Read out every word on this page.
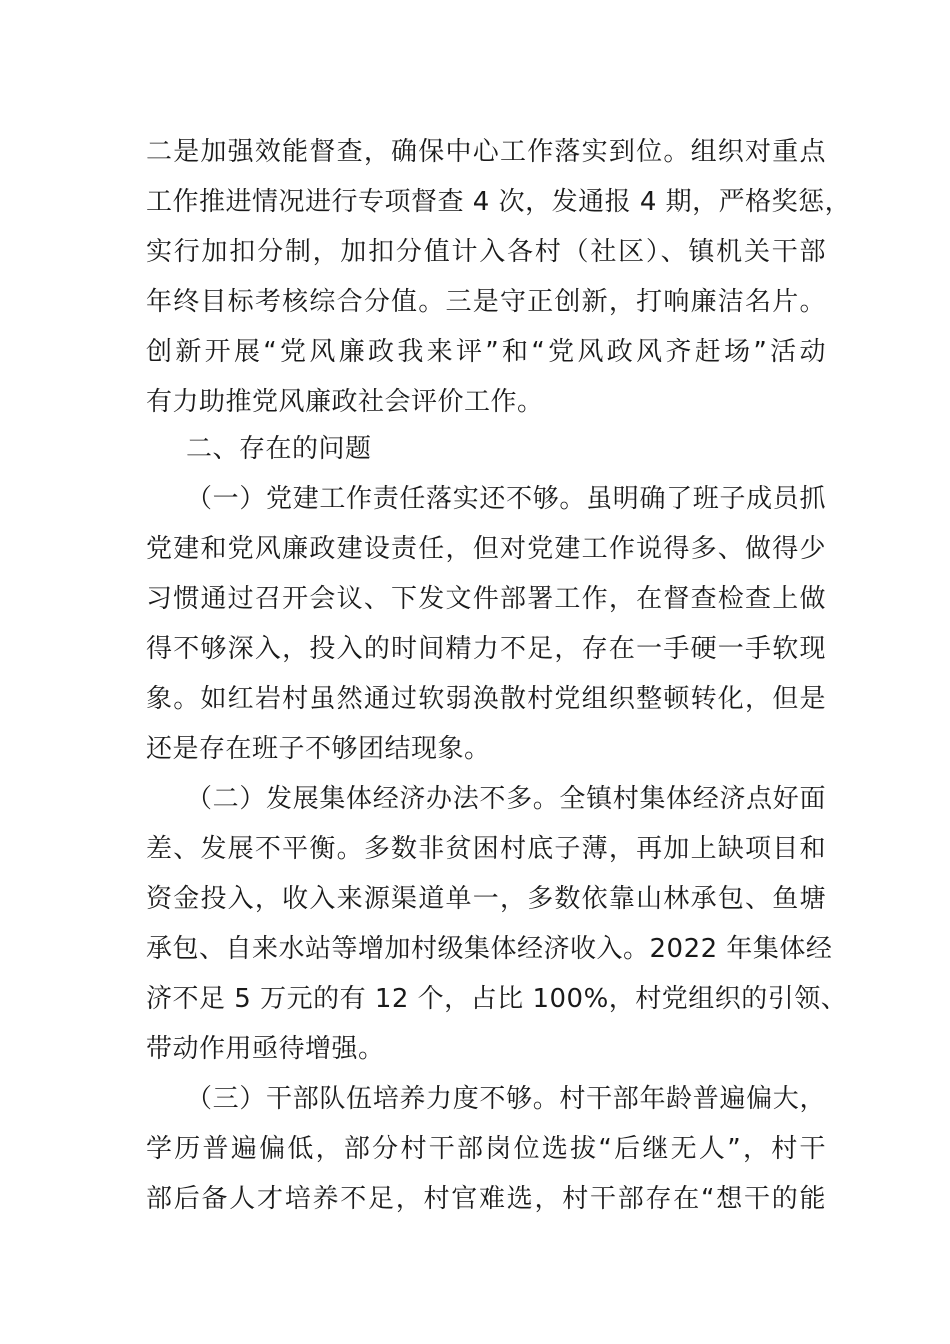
二是加强效能督查，确保中心工作落实到位。组织对重点
工作推进情况进行专项督查 4 次，发通报 4 期，严格奖惩，
实行加扣分制，加扣分值计入各村（社区）、镇机关干部
年终目标考核综合分值。三是守正创新，打响廉洁名片。
创新开展“党风廉政我来评”和“党风政风齐赶场”活动
有力助推党风廉政社会评价工作。
二、存在的问题
（一）党建工作责任落实还不够。虽明确了班子成员抓
党建和党风廉政建设责任，但对党建工作说得多、做得少
习惯通过召开会议、下发文件部署工作，在督查检查上做
得不够深入，投入的时间精力不足，存在一手硬一手软现
象。如红岩村虽然通过软弱涣散村党组织整顿转化，但是
还是存在班子不够团结现象。
（二）发展集体经济办法不多。全镇村集体经济点好面
差、发展不平衡。多数非贫困村底子薄，再加上缺项目和
资金投入，收入来源渠道单一，多数依靠山林承包、鱼塘
承包、自来水站等增加村级集体经济收入。2022 年集体经
济不足 5 万元的有 12 个，占比 100%，村党组织的引领、
带动作用亟待增强。
（三）干部队伍培养力度不够。村干部年龄普遍偏大，
学历普遍偏低，部分村干部岗位选拔“后继无人”，村干
部后备人才培养不足，村官难选，村干部存在“想干的能
